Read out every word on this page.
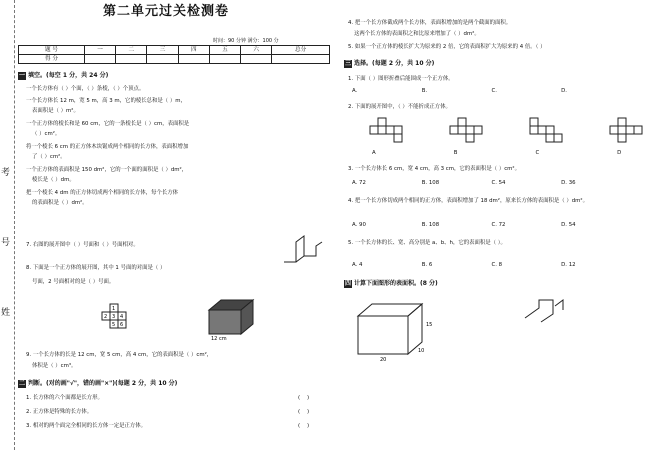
考
号
姓
第二单元过关检测卷
时间：90 分钟 满分：100 分
题 号	一	二	三	四	五	六	总分
得 分							
一 填空。(每空 1 分，共 24 分)
一个长方体有（ ）个面，（ ）条棱，（ ）个顶点。
一个长方体长 12 m，宽 5 m，高 3 m，它的棱长总和是（ ）m，
表面积是（ ）m²。
一个正方体的棱长和是 60 cm，它的一条棱长是（ ）cm，表面积是
（ ）cm²。
将一个棱长 6 cm 的正方体木块锯成两个相同的长方体，表面积增加
了（ ）cm²。
一个正方体的表面积是 150 dm²，它的一个面的面积是（ ）dm²，
棱长是（ ）dm。
把一个棱长 4 dm 的正方体切成两个相同的长方体，每个长方体
的表面积是（ ）dm²。
7. 右图的展开图中（ ）号面和（ ）号面相对。
8. 下面是一个正方体的展开图，其中 1 号面的对面是（ ）
号面，2 号面相对的是（ ）号面。
1
2 3 4
5 6
12 cm
9. 一个长方体的长是 12 cm，宽 5 cm，高 4 cm，它的表面积是（ ）cm²，
体积是（ ）cm³。
二 判断。(对的画"√"，错的画"×")(每题 2 分，共 10 分)
1. 长方体的六个面都是长方形。
2. 正方体是特殊的长方体。
3. 相对的两个面完全相同的长方体一定是正方体。
(    )
(    )
(    )
4. 把一个长方体截成两个长方体，表面积增加的是两个截面的面积。
这两个长方体的表面积之和比原来增加了（ ）dm²。
5. 如果一个正方体的棱长扩大为原来的 2 倍，它的表面积扩大为原来的 4 倍。（ ）
三 选择。(每题 2 分，共 10 分)
1. 下面（ ）图形折叠后能围成一个正方体。
A.	B.	C.	D.
2. 下面的展开图中，（ ）不能折成正方体。
A	B	C	D
3. 一个长方体长 6 cm，宽 4 cm，高 3 cm，它的表面积是（ ）cm²。
A. 72	B. 108	C. 54	D. 36
4. 把一个长方体切成两个相同的正方体，表面积增加了 18 dm²，原来长方体的表面积是（ ）dm²。
A. 90	B. 108	C. 72	D. 54
5. 一个长方体的长、宽、高分别是 a、b、h，它的表面积是（ ）。
A. 4	B. 6	C. 8	D. 12
四 计算下面图形的表面积。(8 分)
20
15
10
